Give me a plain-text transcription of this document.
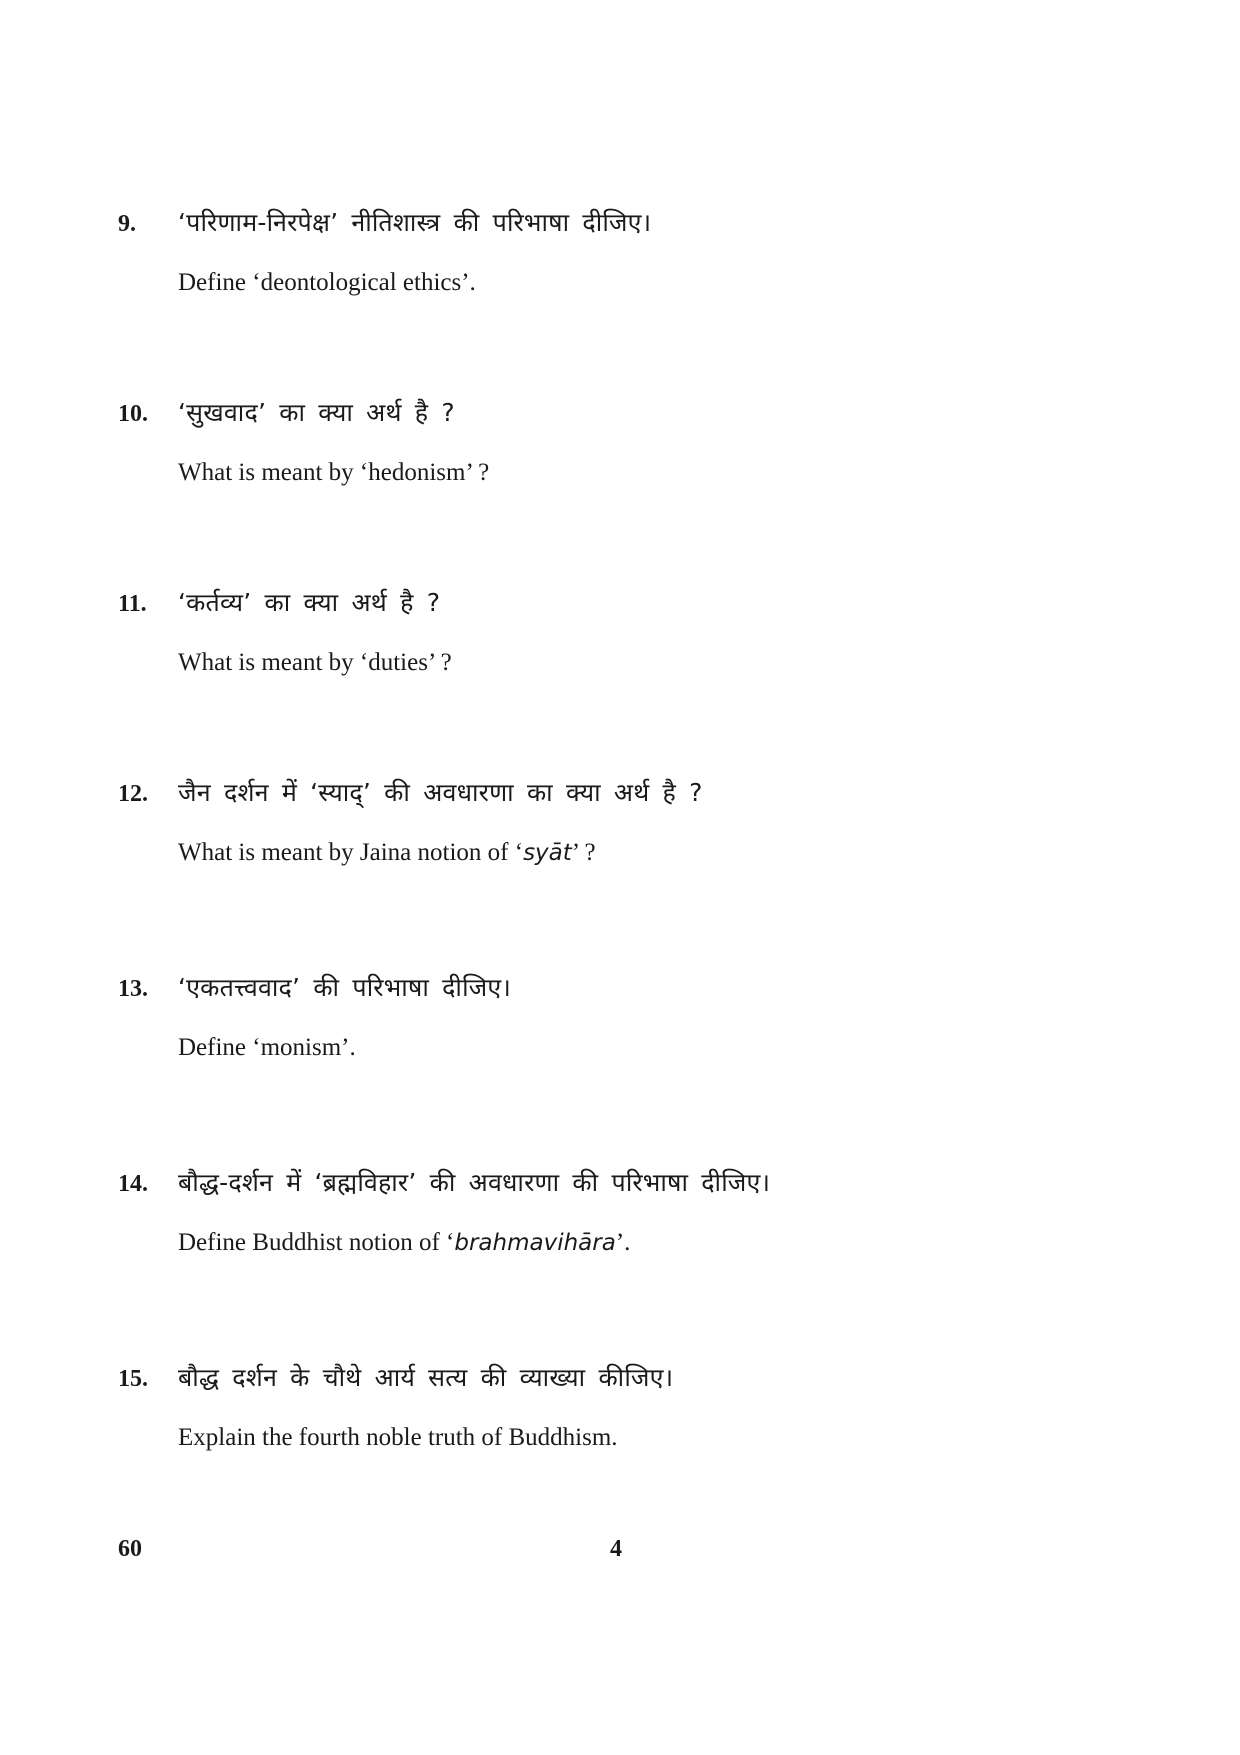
9.	‘परिणाम-निरपेक्ष’ नीतिशास्त्र की परिभाषा दीजिए।
Define ‘deontological ethics’.
10.	‘सुखवाद’ का क्या अर्थ है ?
What is meant by ‘hedonism’ ?
11.	‘कर्तव्य’ का क्या अर्थ है ?
What is meant by ‘duties’ ?
12.	जैन दर्शन में ‘स्याद्’ की अवधारणा का क्या अर्थ है ?
What is meant by Jaina notion of ‘syāt’ ?
13.	‘एकतत्त्ववाद’ की परिभाषा दीजिए।
Define ‘monism’.
14.	बौद्ध-दर्शन में ‘ब्रह्मविहार’ की अवधारणा की परिभाषा दीजिए।
Define Buddhist notion of ‘brahmavihāra’.
15.	बौद्ध दर्शन के चौथे आर्य सत्य की व्याख्या कीजिए।
Explain the fourth noble truth of Buddhism.
60	4
